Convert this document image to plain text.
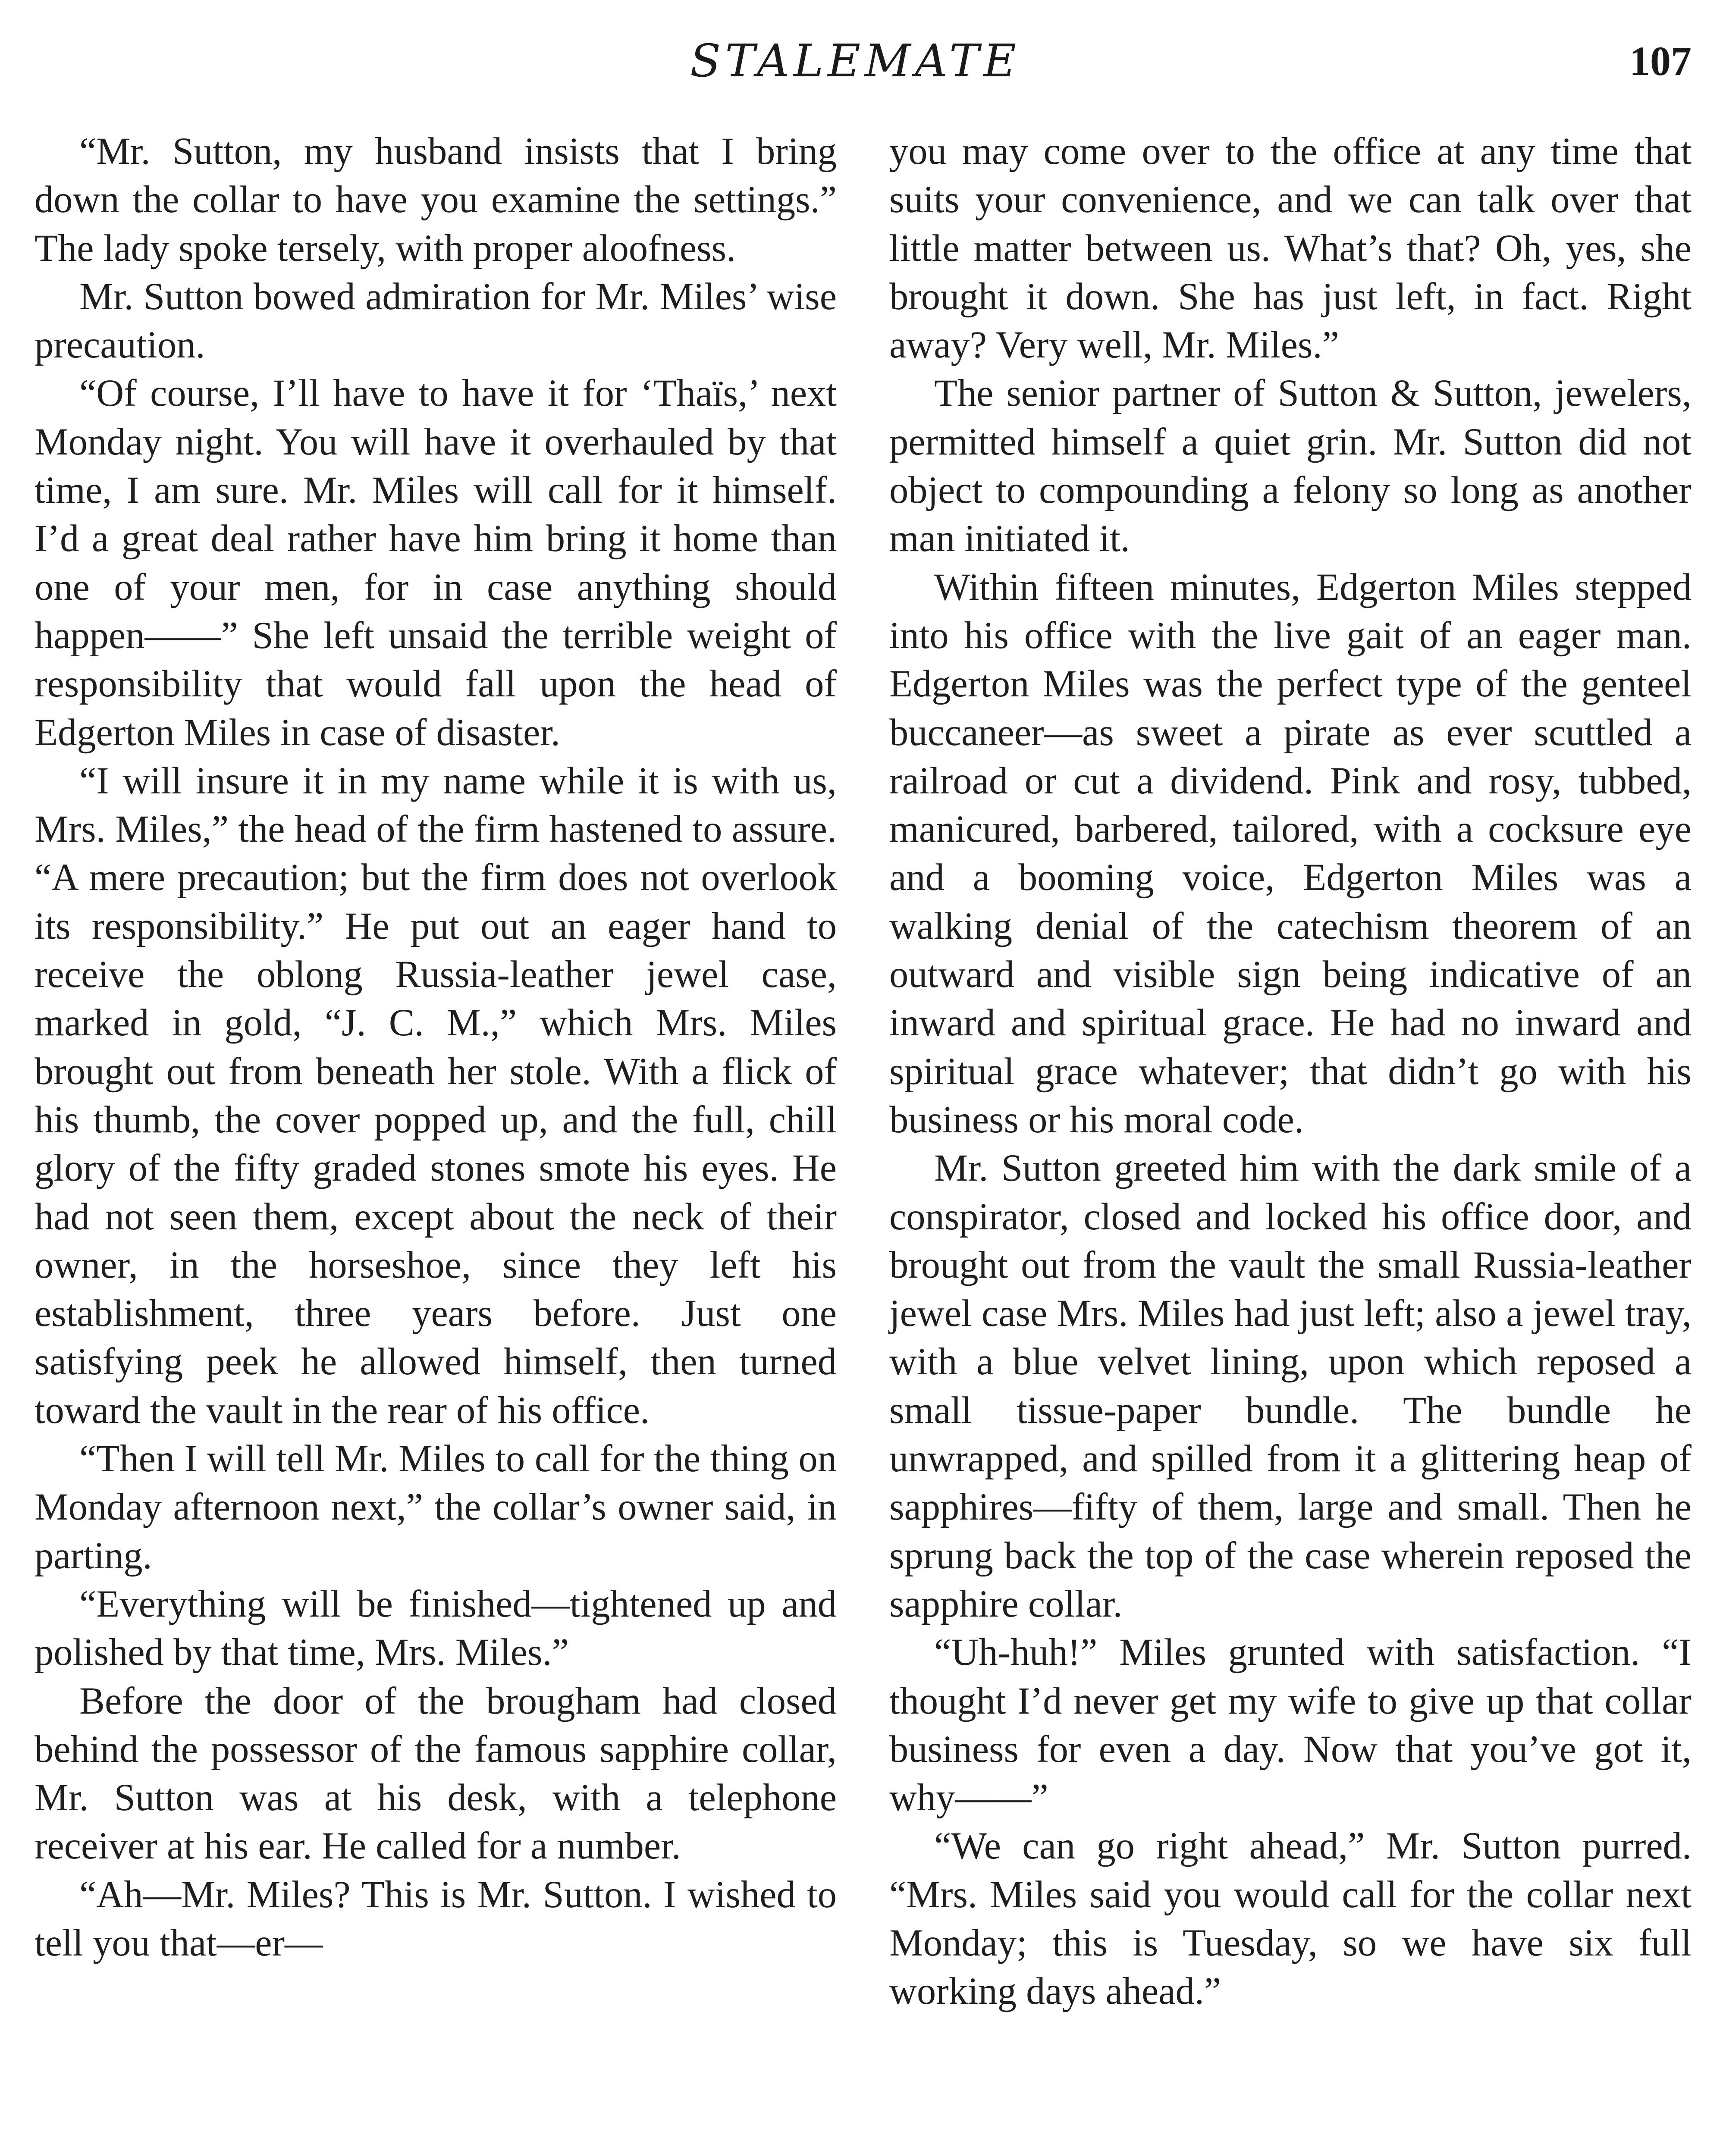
STALEMATE	107

“Mr. Sutton, my husband insists that I bring down the collar to have you examine the settings.” The lady spoke tersely, with proper aloofness.

Mr. Sutton bowed admiration for Mr. Miles’ wise precaution.

“Of course, I’ll have to have it for ‘Thaïs,’ next Monday night. You will have it overhauled by that time, I am sure. Mr. Miles will call for it himself. I’d a great deal rather have him bring it home than one of your men, for in case anything should happen——” She left unsaid the terrible weight of responsibility that would fall upon the head of Edgerton Miles in case of disaster.

“I will insure it in my name while it is with us, Mrs. Miles,” the head of the firm hastened to assure. “A mere precaution; but the firm does not overlook its responsibility.” He put out an eager hand to receive the oblong Russia-leather jewel case, marked in gold, “J. C. M.,” which Mrs. Miles brought out from beneath her stole. With a flick of his thumb, the cover popped up, and the full, chill glory of the fifty graded stones smote his eyes. He had not seen them, except about the neck of their owner, in the horseshoe, since they left his establishment, three years before. Just one satisfying peek he allowed himself, then turned toward the vault in the rear of his office.

“Then I will tell Mr. Miles to call for the thing on Monday afternoon next,” the collar’s owner said, in parting.

“Everything will be finished—tightened up and polished by that time, Mrs. Miles.”

Before the door of the brougham had closed behind the possessor of the famous sapphire collar, Mr. Sutton was at his desk, with a telephone receiver at his ear. He called for a number.

“Ah—Mr. Miles? This is Mr. Sutton. I wished to tell you that—er—

you may come over to the office at any time that suits your convenience, and we can talk over that little matter between us. What’s that? Oh, yes, she brought it down. She has just left, in fact. Right away? Very well, Mr. Miles.”

The senior partner of Sutton & Sutton, jewelers, permitted himself a quiet grin. Mr. Sutton did not object to compounding a felony so long as another man initiated it.

Within fifteen minutes, Edgerton Miles stepped into his office with the live gait of an eager man. Edgerton Miles was the perfect type of the genteel buccaneer—as sweet a pirate as ever scuttled a railroad or cut a dividend. Pink and rosy, tubbed, manicured, barbered, tailored, with a cocksure eye and a booming voice, Edgerton Miles was a walking denial of the catechism theorem of an outward and visible sign being indicative of an inward and spiritual grace. He had no inward and spiritual grace whatever; that didn’t go with his business or his moral code.

Mr. Sutton greeted him with the dark smile of a conspirator, closed and locked his office door, and brought out from the vault the small Russia-leather jewel case Mrs. Miles had just left; also a jewel tray, with a blue velvet lining, upon which reposed a small tissue-paper bundle. The bundle he unwrapped, and spilled from it a glittering heap of sapphires—fifty of them, large and small. Then he sprung back the top of the case wherein reposed the sapphire collar.

“Uh-huh!” Miles grunted with satisfaction. “I thought I’d never get my wife to give up that collar business for even a day. Now that you’ve got it, why——”

“We can go right ahead,” Mr. Sutton purred. “Mrs. Miles said you would call for the collar next Monday; this is Tuesday, so we have six full working days ahead.”
